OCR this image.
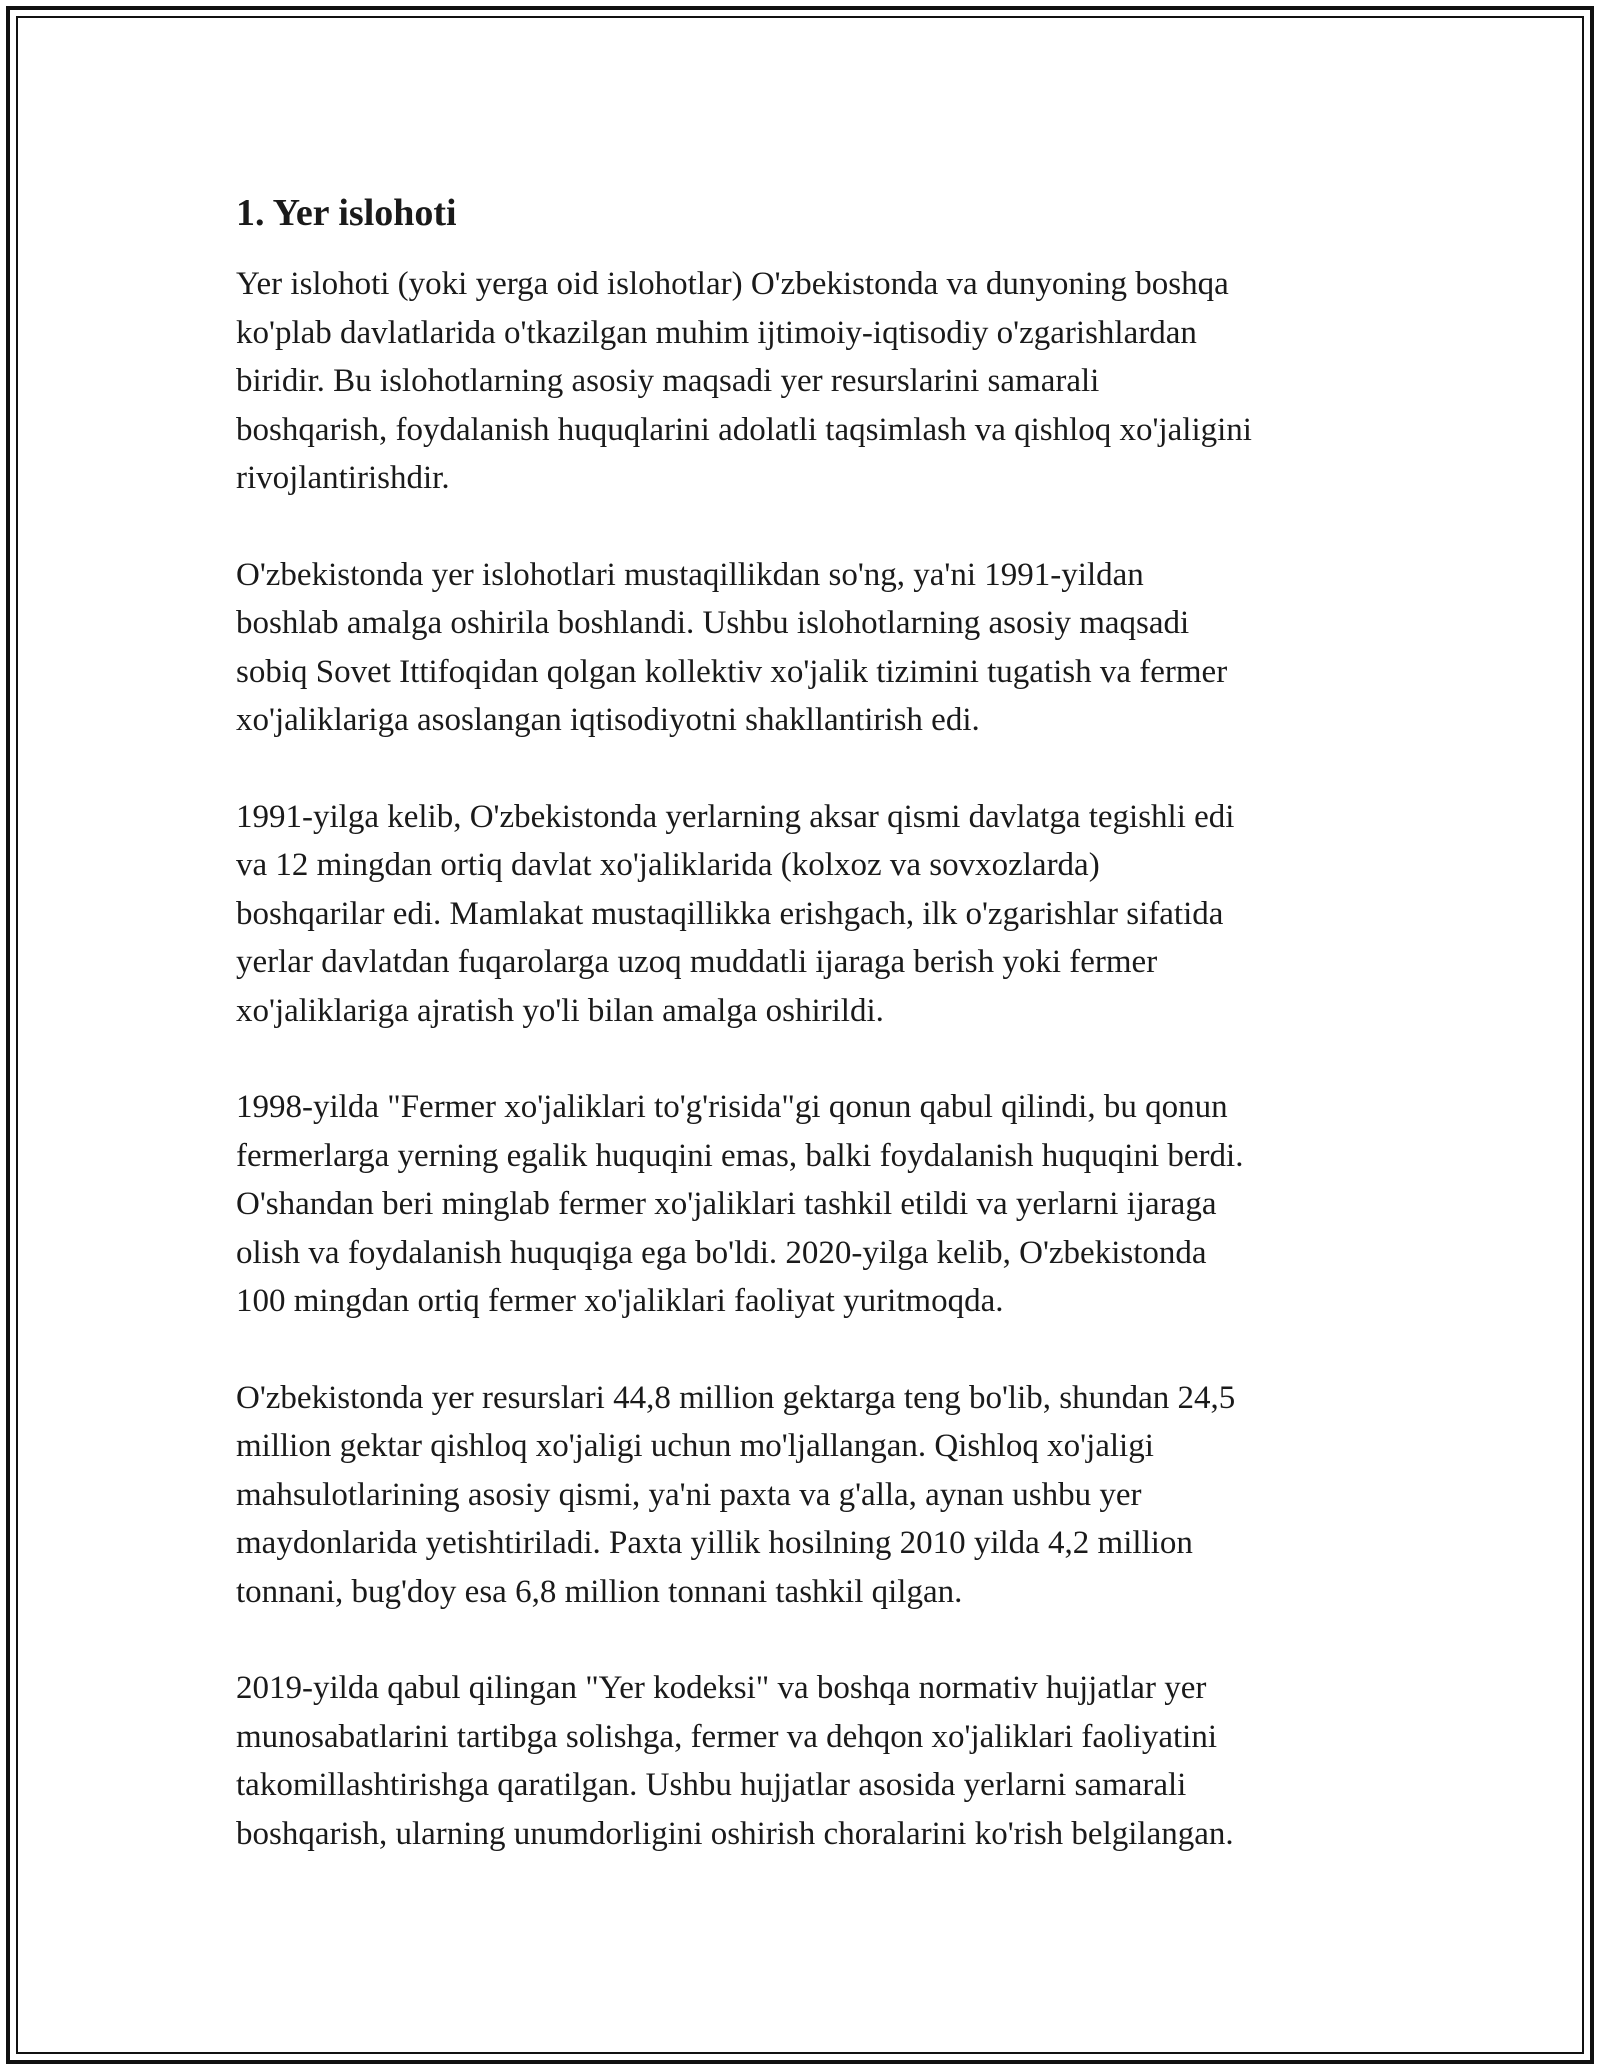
1. Yer islohoti

Yer islohoti (yoki yerga oid islohotlar) O'zbekistonda va dunyoning boshqa
ko'plab davlatlarida o'tkazilgan muhim ijtimoiy-iqtisodiy o'zgarishlardan
biridir. Bu islohotlarning asosiy maqsadi yer resurslarini samarali
boshqarish, foydalanish huquqlarini adolatli taqsimlash va qishloq xo'jaligini
rivojlantirishdir.

O'zbekistonda yer islohotlari mustaqillikdan so'ng, ya'ni 1991-yildan
boshlab amalga oshirila boshlandi. Ushbu islohotlarning asosiy maqsadi
sobiq Sovet Ittifoqidan qolgan kollektiv xo'jalik tizimini tugatish va fermer
xo'jaliklariga asoslangan iqtisodiyotni shakllantirish edi.

1991-yilga kelib, O'zbekistonda yerlarning aksar qismi davlatga tegishli edi
va 12 mingdan ortiq davlat xo'jaliklarida (kolxoz va sovxozlarda)
boshqarilar edi. Mamlakat mustaqillikka erishgach, ilk o'zgarishlar sifatida
yerlar davlatdan fuqarolarga uzoq muddatli ijaraga berish yoki fermer
xo'jaliklariga ajratish yo'li bilan amalga oshirildi.

1998-yilda "Fermer xo'jaliklari to'g'risida"gi qonun qabul qilindi, bu qonun
fermerlarga yerning egalik huquqini emas, balki foydalanish huquqini berdi.
O'shandan beri minglab fermer xo'jaliklari tashkil etildi va yerlarni ijaraga
olish va foydalanish huquqiga ega bo'ldi. 2020-yilga kelib, O'zbekistonda
100 mingdan ortiq fermer xo'jaliklari faoliyat yuritmoqda.

O'zbekistonda yer resurslari 44,8 million gektarga teng bo'lib, shundan 24,5
million gektar qishloq xo'jaligi uchun mo'ljallangan. Qishloq xo'jaligi
mahsulotlarining asosiy qismi, ya'ni paxta va g'alla, aynan ushbu yer
maydonlarida yetishtiriladi. Paxta yillik hosilning 2010 yilda 4,2 million
tonnani, bug'doy esa 6,8 million tonnani tashkil qilgan.

2019-yilda qabul qilingan "Yer kodeksi" va boshqa normativ hujjatlar yer
munosabatlarini tartibga solishga, fermer va dehqon xo'jaliklari faoliyatini
takomillashtirishga qaratilgan. Ushbu hujjatlar asosida yerlarni samarali
boshqarish, ularning unumdorligini oshirish choralarini ko'rish belgilangan.
